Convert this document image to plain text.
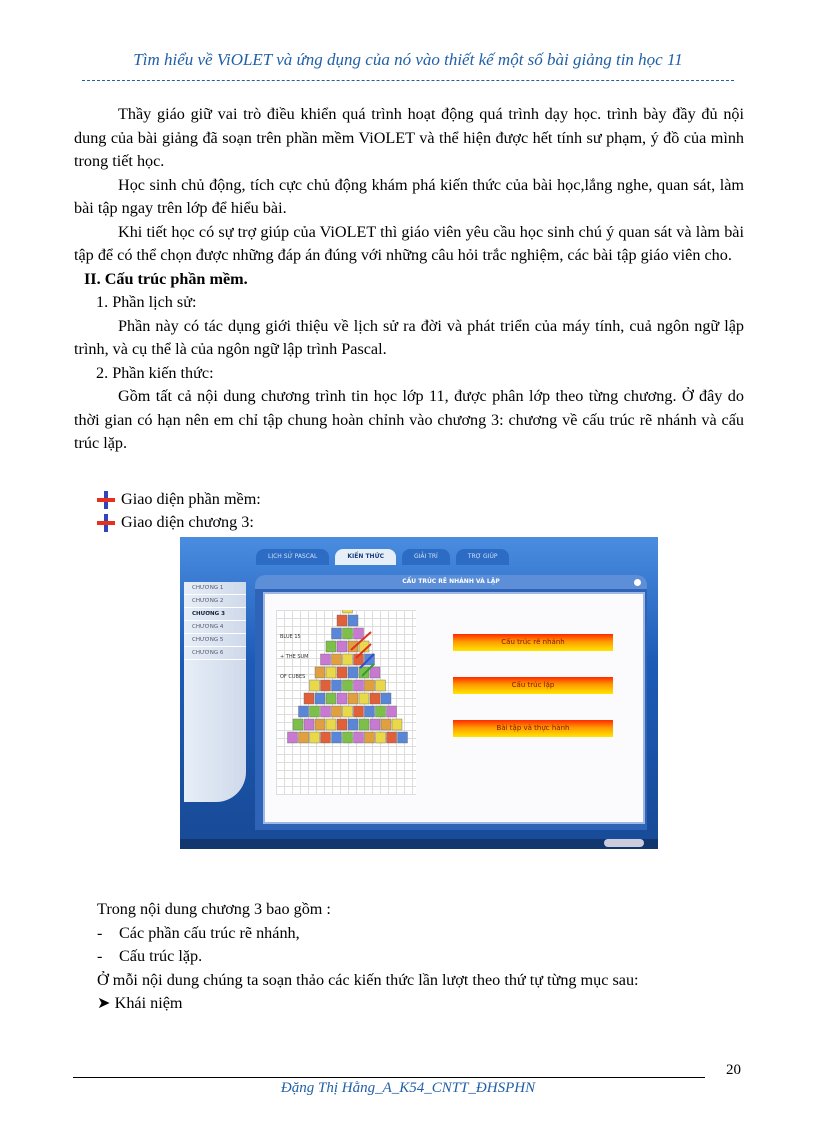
Tìm hiểu về ViOLET và ứng dụng của nó vào thiết kế một số bài giảng tin học 11

Thầy giáo giữ vai trò điều khiển quá trình hoạt động quá trình dạy học. trình bày đầy đủ nội dung của bài giảng đã soạn trên phần mềm ViOLET và thể hiện được hết tính sư phạm, ý đồ của mình trong tiết học.

Học sinh chủ động, tích cực chủ động khám phá kiến thức của bài học,lắng nghe, quan sát, làm bài tập ngay trên lớp để hiểu bài.

Khi tiết học có sự trợ giúp của ViOLET thì giáo viên yêu cầu học sinh chú ý quan sát và làm bài tập để có thể chọn được những đáp án đúng với những câu hỏi trắc nghiệm, các bài tập giáo viên cho.

II. Cấu trúc phần mềm.

1. Phần lịch sử:

Phần này có tác dụng giới thiệu về lịch sử ra đời và phát triển của máy tính, cuả ngôn ngữ lập trình, và cụ thể là của ngôn ngữ lập trình Pascal.

2. Phần kiến thức:

Gồm tất cả nội dung chương trình tin học lớp 11, được phân lớp theo từng chương. Ở đây do thời gian có hạn nên em chỉ tập chung hoàn chỉnh vào chương 3: chương về cấu trúc rẽ nhánh và cấu trúc lặp.

Giao diện phần mềm:
Giao diện chương 3:
LỊCH SỬ PASCAL	KIẾN THỨC	GIẢI TRÍ	TRỢ GIÚP
CHƯƠNG 1
CHƯƠNG 2
CHƯƠNG 3
CHƯƠNG 4
CHƯƠNG 5
CHƯƠNG 6
CẤU TRÚC RẼ NHÁNH VÀ LẶP
BLUE 15
+ THE SUM
OF CUBES
Cấu trúc rẽ nhánh
Cấu trúc lặp
Bài tập và thực hành

Trong nội dung chương 3 bao gồm :

- Các phần cấu trúc rẽ nhánh,

- Cấu trúc lặp.

Ở mỗi nội dung chúng ta soạn thảo các kiến thức lần lượt theo thứ tự từng mục sau:

➤ Khái niệm

20
Đặng Thị Hằng_A_K54_CNTT_ĐHSPHN
